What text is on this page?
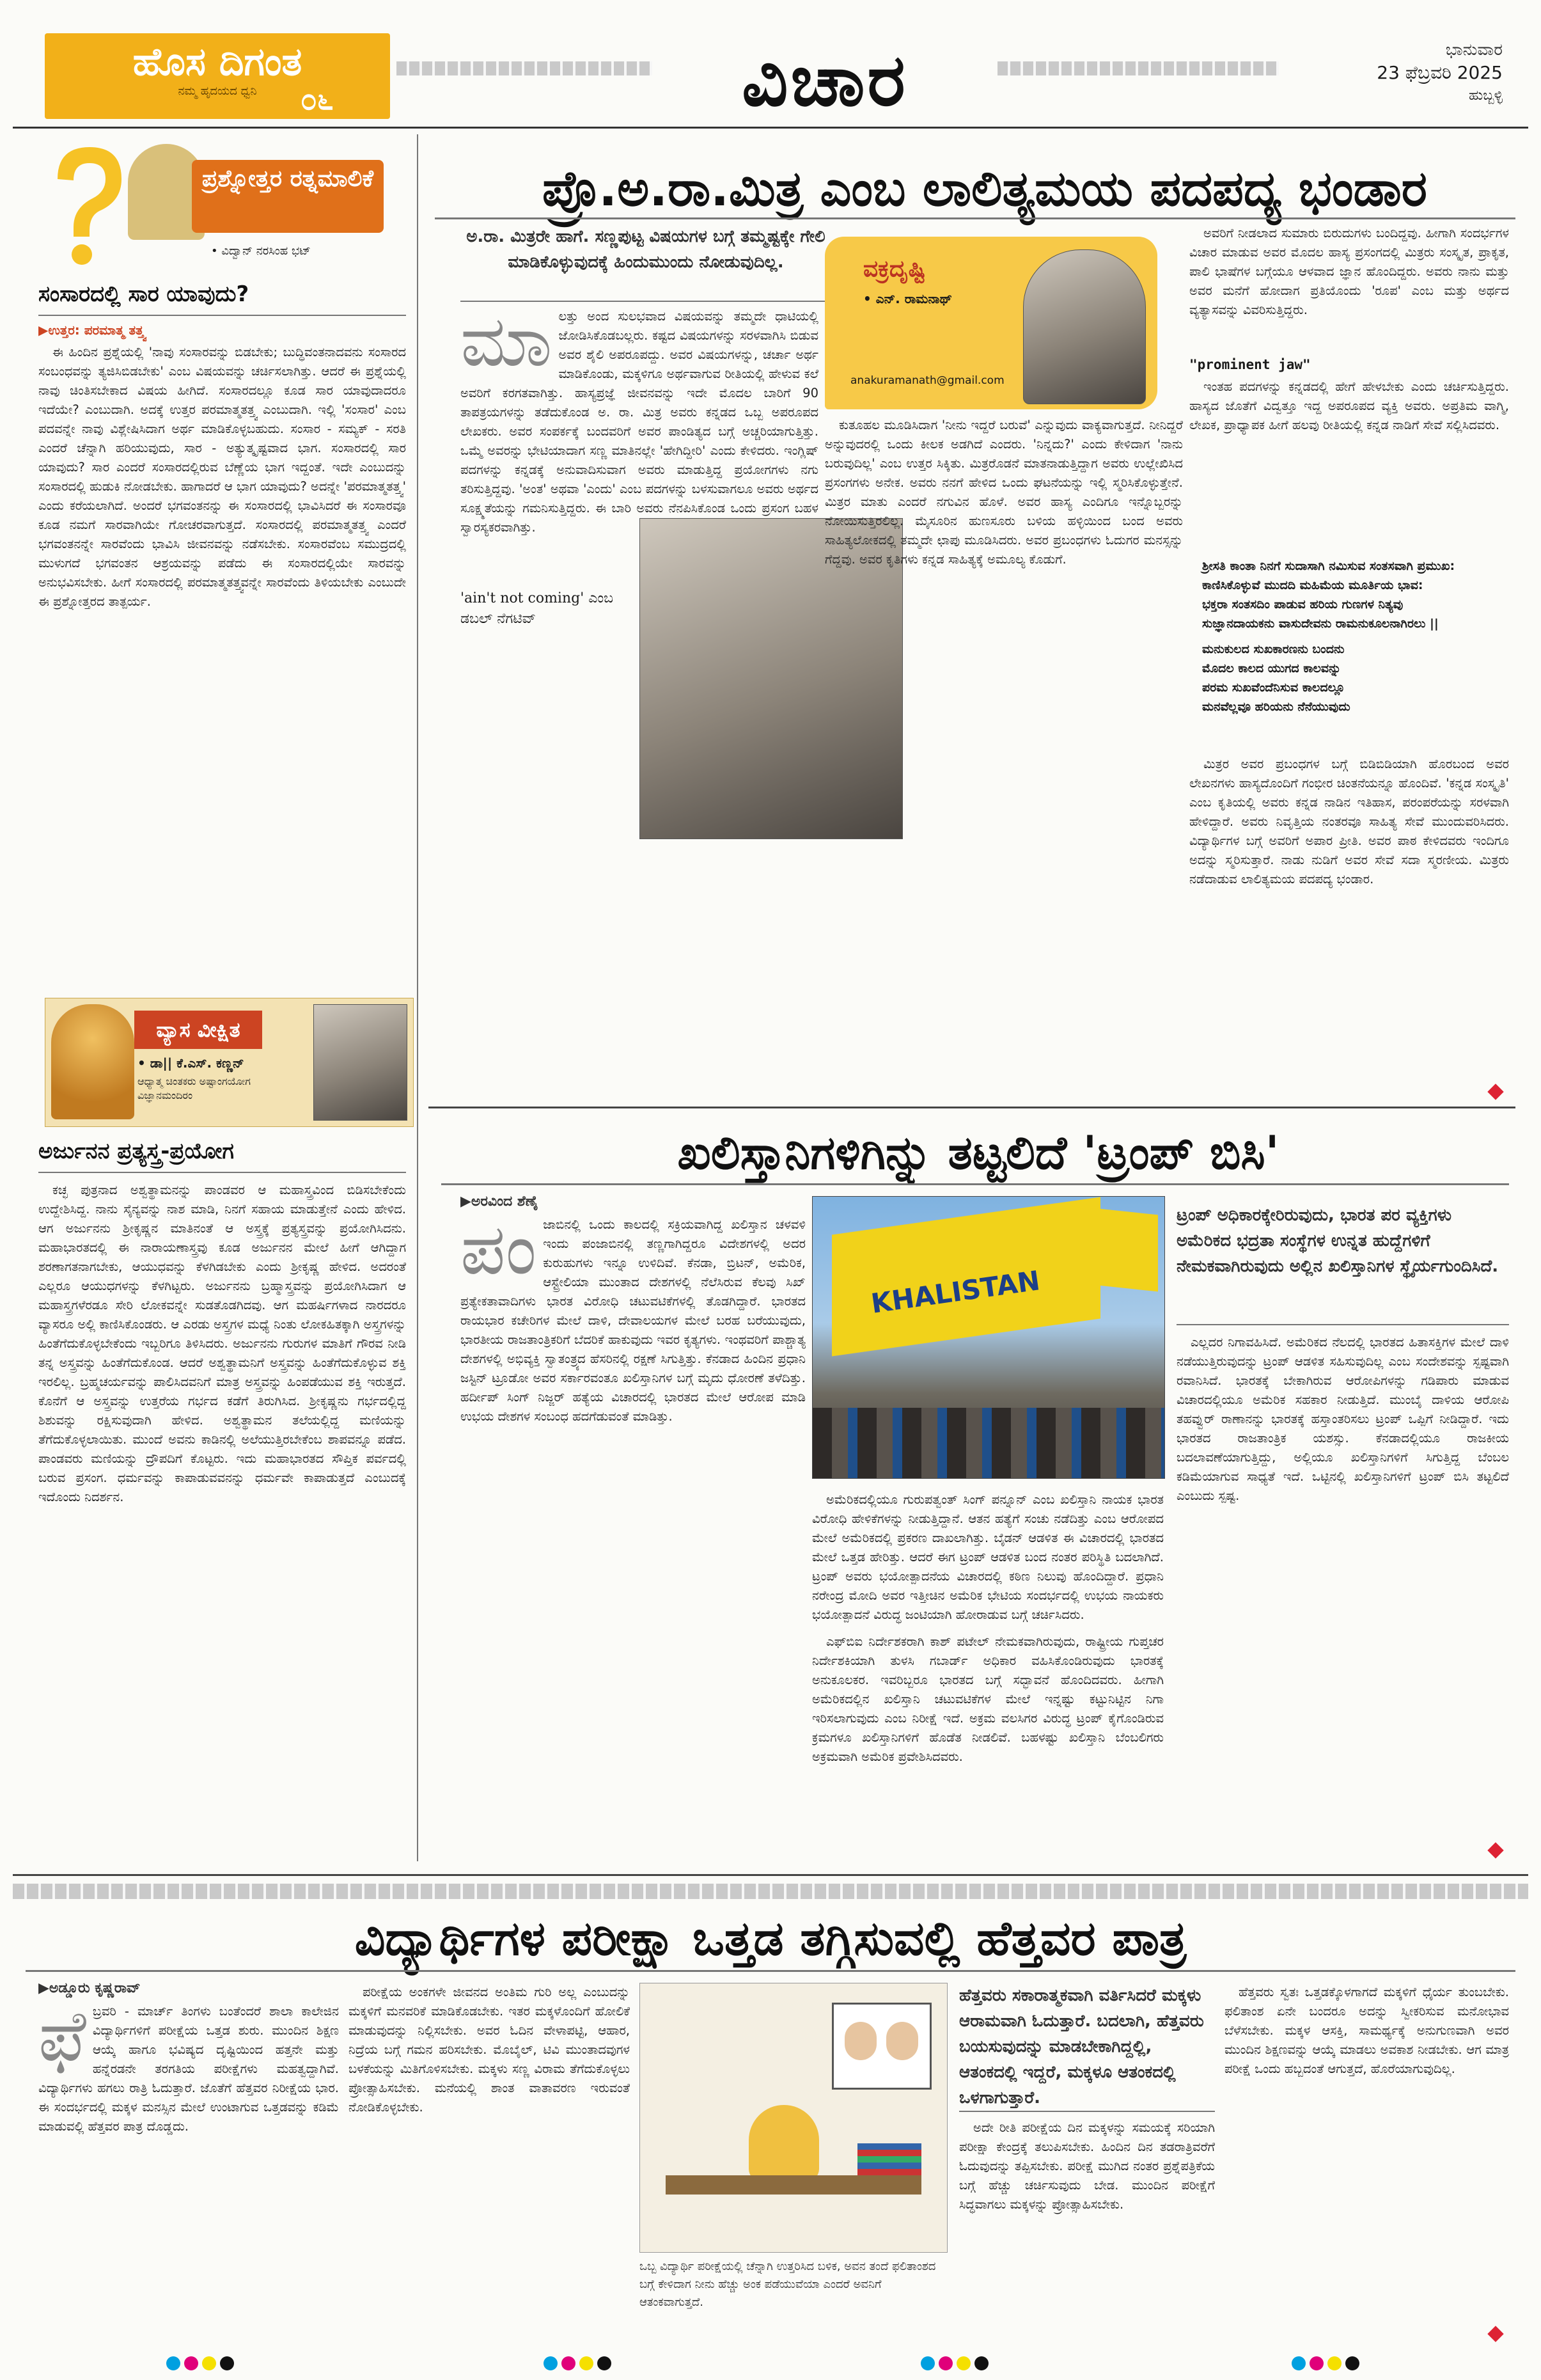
ಹೊಸ ದಿಗಂತ
ನಮ್ಮ ಹೃದಯದ ಧ್ವನಿ	೦೬	ವಿಚಾರ	ಭಾನುವಾರ
23 ಫೆಬ್ರವರಿ 2025
ಹುಬ್ಬಳ್ಳಿ
ಪ್ರಶ್ನೋತ್ತರ ರತ್ನಮಾಲಿಕೆ
• ವಿದ್ವಾನ್ ನರಸಿಂಹ ಭಟ್
ಸಂಸಾರದಲ್ಲಿ ಸಾರ ಯಾವುದು?
▶ಉತ್ತರ: ಪರಮಾತ್ಮ ತತ್ತ್ವ

ಈ ಹಿಂದಿನ ಪ್ರಶ್ನೆಯಲ್ಲಿ 'ನಾವು ಸಂಸಾರವನ್ನು ಬಿಡಬೇಕು; ಬುದ್ಧಿವಂತನಾದವನು ಸಂಸಾರದ ಸಂಬಂಧವನ್ನು ತ್ಯಜಿಸಿಬಿಡಬೇಕು' ಎಂಬ ವಿಷಯವನ್ನು ಚರ್ಚಿಸಲಾಗಿತ್ತು. ಆದರೆ ಈ ಪ್ರಶ್ನೆಯಲ್ಲಿ ನಾವು ಚಿಂತಿಸಬೇಕಾದ ವಿಷಯ ಹೀಗಿದೆ. ಸಂಸಾರದಲ್ಲೂ ಕೂಡ ಸಾರ ಯಾವುದಾದರೂ ಇದೆಯೇ? ಎಂಬುದಾಗಿ. ಅದಕ್ಕೆ ಉತ್ತರ ಪರಮಾತ್ಮತತ್ತ್ವ ಎಂಬುದಾಗಿ. ಇಲ್ಲಿ 'ಸಂಸಾರ' ಎಂಬ ಪದವನ್ನೇ ನಾವು ವಿಶ್ಲೇಷಿಸಿದಾಗ ಅರ್ಥ ಮಾಡಿಕೊಳ್ಳಬಹುದು. ಸಂಸಾರ - ಸಮ್ಯಕ್ - ಸರತಿ ಎಂದರೆ ಚೆನ್ನಾಗಿ ಹರಿಯುವುದು, ಸಾರ - ಅತ್ಯುತ್ಕೃಷ್ಟವಾದ ಭಾಗ. ಸಂಸಾರದಲ್ಲಿ ಸಾರ ಯಾವುದು? ಸಾರ ಎಂದರೆ ಸಂಸಾರದಲ್ಲಿರುವ ಬೆಣ್ಣೆಯ ಭಾಗ ಇದ್ದಂತೆ. ಇದೇ ಎಂಬುದನ್ನು ಸಂಸಾರದಲ್ಲಿ ಹುಡುಕಿ ನೋಡಬೇಕು. ಹಾಗಾದರೆ ಆ ಭಾಗ ಯಾವುದು? ಅದನ್ನೇ 'ಪರಮಾತ್ಮತತ್ತ್ವ' ಎಂದು ಕರೆಯಲಾಗಿದೆ. ಅಂದರೆ ಭಗವಂತನನ್ನು ಈ ಸಂಸಾರದಲ್ಲಿ ಭಾವಿಸಿದರೆ ಈ ಸಂಸಾರವೂ ಕೂಡ ನಮಗೆ ಸಾರವಾಗಿಯೇ ಗೋಚರವಾಗುತ್ತದೆ. ಸಂಸಾರದಲ್ಲಿ ಪರಮಾತ್ಮತತ್ತ್ವ ಎಂದರೆ ಭಗವಂತನನ್ನೇ ಸಾರವೆಂದು ಭಾವಿಸಿ ಜೀವನವನ್ನು ನಡೆಸಬೇಕು. ಸಂಸಾರವೆಂಬ ಸಮುದ್ರದಲ್ಲಿ ಮುಳುಗದೆ ಭಗವಂತನ ಆಶ್ರಯವನ್ನು ಪಡೆದು ಈ ಸಂಸಾರದಲ್ಲಿಯೇ ಸಾರವನ್ನು ಅನುಭವಿಸಬೇಕು. ಹೀಗೆ ಸಂಸಾರದಲ್ಲಿ ಪರಮಾತ್ಮತತ್ತ್ವವನ್ನೇ ಸಾರವೆಂದು ತಿಳಿಯಬೇಕು ಎಂಬುದೇ ಈ ಪ್ರಶ್ನೋತ್ತರದ ತಾತ್ಪರ್ಯ.

ವ್ಯಾಸ ವೀಕ್ಷಿತ
• ಡಾ|| ಕೆ.ಎಸ್. ಕಣ್ಣನ್
ಆಧ್ಯಾತ್ಮ ಚಿಂತಕರು ಅಷ್ಟಾಂಗಯೋಗ ವಿಜ್ಞಾನಮಂದಿರಂ
ಅರ್ಜುನನ ಪ್ರತ್ಯಸ್ತ್ರ-ಪ್ರಯೋಗ

ಕಚ್ಛ ಪುತ್ರನಾದ ಅಶ್ವತ್ಥಾಮನನ್ನು ಪಾಂಡವರ ಆ ಮಹಾಸ್ತ್ರವಿಂದ ಬಿಡಿಸಬೇಕೆಂದು ಉದ್ದೇಶಿಸಿದ್ದ. ನಾನು ಸೈನ್ಯವನ್ನು ನಾಶ ಮಾಡಿ, ನಿನಗೆ ಸಹಾಯ ಮಾಡುತ್ತೇನೆ ಎಂದು ಹೇಳಿದ. ಆಗ ಅರ್ಜುನನು ಶ್ರೀಕೃಷ್ಣನ ಮಾತಿನಂತೆ ಆ ಅಸ್ತ್ರಕ್ಕೆ ಪ್ರತ್ಯಸ್ತ್ರವನ್ನು ಪ್ರಯೋಗಿಸಿದನು. ಮಹಾಭಾರತದಲ್ಲಿ ಈ ನಾರಾಯಣಾಸ್ತ್ರವು ಕೂಡ ಅರ್ಜುನನ ಮೇಲೆ ಹೀಗೆ ಆಗಿದ್ದಾಗ ಶರಣಾಗತನಾಗಬೇಕು, ಆಯುಧವನ್ನು ಕೆಳಗಿಡಬೇಕು ಎಂದು ಶ್ರೀಕೃಷ್ಣ ಹೇಳಿದ. ಅದರಂತೆ ಎಲ್ಲರೂ ಆಯುಧಗಳನ್ನು ಕೆಳಗಿಟ್ಟರು. ಅರ್ಜುನನು ಬ್ರಹ್ಮಾಸ್ತ್ರವನ್ನು ಪ್ರಯೋಗಿಸಿದಾಗ ಆ ಮಹಾಸ್ತ್ರಗಳೆರಡೂ ಸೇರಿ ಲೋಕವನ್ನೇ ಸುಡತೊಡಗಿದವು. ಆಗ ಮಹರ್ಷಿಗಳಾದ ನಾರದರೂ ವ್ಯಾಸರೂ ಅಲ್ಲಿ ಕಾಣಿಸಿಕೊಂಡರು. ಆ ಎರಡು ಅಸ್ತ್ರಗಳ ಮಧ್ಯೆ ನಿಂತು ಲೋಕಹಿತಕ್ಕಾಗಿ ಅಸ್ತ್ರಗಳನ್ನು ಹಿಂತೆಗೆದುಕೊಳ್ಳಬೇಕೆಂದು ಇಬ್ಬರಿಗೂ ತಿಳಿಸಿದರು. ಅರ್ಜುನನು ಗುರುಗಳ ಮಾತಿಗೆ ಗೌರವ ನೀಡಿ ತನ್ನ ಅಸ್ತ್ರವನ್ನು ಹಿಂತೆಗೆದುಕೊಂಡ. ಆದರೆ ಅಶ್ವತ್ಥಾಮನಿಗೆ ಅಸ್ತ್ರವನ್ನು ಹಿಂತೆಗೆದುಕೊಳ್ಳುವ ಶಕ್ತಿ ಇರಲಿಲ್ಲ. ಬ್ರಹ್ಮಚರ್ಯವನ್ನು ಪಾಲಿಸಿದವನಿಗೆ ಮಾತ್ರ ಅಸ್ತ್ರವನ್ನು ಹಿಂಪಡೆಯುವ ಶಕ್ತಿ ಇರುತ್ತದೆ. ಕೊನೆಗೆ ಆ ಅಸ್ತ್ರವನ್ನು ಉತ್ತರೆಯ ಗರ್ಭದ ಕಡೆಗೆ ತಿರುಗಿಸಿದ. ಶ್ರೀಕೃಷ್ಣನು ಗರ್ಭದಲ್ಲಿದ್ದ ಶಿಶುವನ್ನು ರಕ್ಷಿಸುವುದಾಗಿ ಹೇಳಿದ. ಅಶ್ವತ್ಥಾಮನ ತಲೆಯಲ್ಲಿದ್ದ ಮಣಿಯನ್ನು ತೆಗೆದುಕೊಳ್ಳಲಾಯಿತು. ಮುಂದೆ ಅವನು ಕಾಡಿನಲ್ಲಿ ಅಲೆಯುತ್ತಿರಬೇಕೆಂಬ ಶಾಪವನ್ನೂ ಪಡೆದ. ಪಾಂಡವರು ಮಣಿಯನ್ನು ದ್ರೌಪದಿಗೆ ಕೊಟ್ಟರು. ಇದು ಮಹಾಭಾರತದ ಸೌಪ್ತಿಕ ಪರ್ವದಲ್ಲಿ ಬರುವ ಪ್ರಸಂಗ. ಧರ್ಮವನ್ನು ಕಾಪಾಡುವವನನ್ನು ಧರ್ಮವೇ ಕಾಪಾಡುತ್ತದೆ ಎಂಬುದಕ್ಕೆ ಇದೊಂದು ನಿದರ್ಶನ.

ಪ್ರೊ.ಅ.ರಾ.ಮಿತ್ರ ಎಂಬ ಲಾಲಿತ್ಯಮಯ ಪದಪದ್ಯ ಭಂಡಾರ
ಅ.ರಾ. ಮಿತ್ರರೇ ಹಾಗೆ. ಸಣ್ಣಪುಟ್ಟ ವಿಷಯಗಳ ಬಗ್ಗೆ ತಮ್ಮಷ್ಟಕ್ಕೇ ಗೇಲಿ ಮಾಡಿಕೊಳ್ಳುವುದಕ್ಕೆ ಹಿಂದುಮುಂದು ನೋಡುವುದಿಲ್ಲ.	ವಕ್ರದೃಷ್ಟಿ
• ಎನ್. ರಾಮನಾಥ್
anakuramanath@gmail.com
ಮಾ ಲತ್ತು ಅಂದ ಸುಲಭವಾದ ವಿಷಯವನ್ನು ತಮ್ಮದೇ ಧಾಟಿಯಲ್ಲಿ ಜೋಡಿಸಿಕೊಡಬಲ್ಲರು. ಕಷ್ಟದ ವಿಷಯಗಳನ್ನು ಸರಳವಾಗಿಸಿ ಬಿಡುವ ಅವರ ಶೈಲಿ ಅಪರೂಪದ್ದು. ಅವರ ವಿಷಯಗಳನ್ನು, ಚರ್ಚಾ ಅರ್ಥ ಮಾಡಿಕೊಂಡು, ಮಕ್ಕಳಿಗೂ ಅರ್ಥವಾಗುವ ರೀತಿಯಲ್ಲಿ ಹೇಳುವ ಕಲೆ ಅವರಿಗೆ ಕರಗತವಾಗಿತ್ತು. ಹಾಸ್ಯಪ್ರಜ್ಞೆ ಜೀವನವನ್ನು ಇದೇ ಮೊದಲ ಬಾರಿಗೆ 90 ತಾಪತ್ರಯಗಳನ್ನು ತಡೆದುಕೊಂಡ ಅ. ರಾ. ಮಿತ್ರ ಅವರು ಕನ್ನಡದ ಒಬ್ಬ ಅಪರೂಪದ ಲೇಖಕರು. ಅವರ ಸಂಪರ್ಕಕ್ಕೆ ಬಂದವರಿಗೆ ಅವರ ಪಾಂಡಿತ್ಯದ ಬಗ್ಗೆ ಅಚ್ಚರಿಯಾಗುತ್ತಿತ್ತು. ಒಮ್ಮೆ ಅವರನ್ನು ಭೇಟಿಯಾದಾಗ ಸಣ್ಣ ಮಾತಿನಲ್ಲೇ 'ಹೇಗಿದ್ದೀರಿ' ಎಂದು ಕೇಳಿದರು. ಇಂಗ್ಲಿಷ್ ಪದಗಳನ್ನು ಕನ್ನಡಕ್ಕೆ ಅನುವಾದಿಸುವಾಗ ಅವರು ಮಾಡುತ್ತಿದ್ದ ಪ್ರಯೋಗಗಳು ನಗು ತರಿಸುತ್ತಿದ್ದವು. 'ಅಂತ' ಅಥವಾ 'ಎಂದು' ಎಂಬ ಪದಗಳನ್ನು ಬಳಸುವಾಗಲೂ ಅವರು ಅರ್ಥದ ಸೂಕ್ಷ್ಮತೆಯನ್ನು ಗಮನಿಸುತ್ತಿದ್ದರು. ಈ ಬಾರಿ ಅವರು ನೆನಪಿಸಿಕೊಂಡ ಒಂದು ಪ್ರಸಂಗ ಬಹಳ ಸ್ವಾರಸ್ಯಕರವಾಗಿತ್ತು.
'ain't not coming' ಎಂಬ ಡಬಲ್ ನೆಗಟಿವ್

ಕುತೂಹಲ ಮೂಡಿಸಿದಾಗ 'ನೀನು ಇದ್ದರೆ ಬರುವೆ' ಎನ್ನುವುದು ವಾಕ್ಯವಾಗುತ್ತದೆ. ನೀನಿದ್ದರೆ ಅನ್ನುವುದರಲ್ಲಿ ಒಂದು ಕೀಲಕ ಅಡಗಿದೆ ಎಂದರು. 'ನಿನ್ನದು?' ಎಂದು ಕೇಳಿದಾಗ 'ನಾನು ಬರುವುದಿಲ್ಲ' ಎಂಬ ಉತ್ತರ ಸಿಕ್ಕಿತು. ಮಿತ್ರರೊಡನೆ ಮಾತನಾಡುತ್ತಿದ್ದಾಗ ಅವರು ಉಲ್ಲೇಖಿಸಿದ ಪ್ರಸಂಗಗಳು ಅನೇಕ. ಅವರು ನನಗೆ ಹೇಳಿದ ಒಂದು ಘಟನೆಯನ್ನು ಇಲ್ಲಿ ಸ್ಮರಿಸಿಕೊಳ್ಳುತ್ತೇನೆ. ಮಿತ್ರರ ಮಾತು ಎಂದರೆ ನಗುವಿನ ಹೊಳೆ. ಅವರ ಹಾಸ್ಯ ಎಂದಿಗೂ ಇನ್ನೊಬ್ಬರನ್ನು ನೋಯಿಸುತ್ತಿರಲಿಲ್ಲ. ಮೈಸೂರಿನ ಹುಣಸೂರು ಬಳಿಯ ಹಳ್ಳಿಯಿಂದ ಬಂದ ಅವರು ಸಾಹಿತ್ಯಲೋಕದಲ್ಲಿ ತಮ್ಮದೇ ಛಾಪು ಮೂಡಿಸಿದರು. ಅವರ ಪ್ರಬಂಧಗಳು ಓದುಗರ ಮನಸ್ಸನ್ನು ಗೆದ್ದವು. ಅವರ ಕೃತಿಗಳು ಕನ್ನಡ ಸಾಹಿತ್ಯಕ್ಕೆ ಅಮೂಲ್ಯ ಕೊಡುಗೆ.

ಅವರಿಗೆ ನೀಡಲಾದ ಸುಮಾರು ಬಿರುದುಗಳು ಬಂದಿದ್ದವು. ಹೀಗಾಗಿ ಸಂದರ್ಭಗಳ ವಿಚಾರ ಮಾಡುವ ಅವರ ಮೊದಲ ಹಾಸ್ಯ ಪ್ರಸಂಗದಲ್ಲಿ ಮಿತ್ರರು ಸಂಸ್ಕೃತ, ಪ್ರಾಕೃತ, ಪಾಲಿ ಭಾಷೆಗಳ ಬಗ್ಗೆಯೂ ಆಳವಾದ ಜ್ಞಾನ ಹೊಂದಿದ್ದರು. ಅವರು ನಾನು ಮತ್ತು ಅವರ ಮನೆಗೆ ಹೋದಾಗ ಪ್ರತಿಯೊಂದು 'ರೂಪ' ಎಂಬ ಮತ್ತು ಅರ್ಥದ ವ್ಯತ್ಯಾಸವನ್ನು ವಿವರಿಸುತ್ತಿದ್ದರು.

"prominent jaw"

ಇಂತಹ ಪದಗಳನ್ನು ಕನ್ನಡದಲ್ಲಿ ಹೇಗೆ ಹೇಳಬೇಕು ಎಂದು ಚರ್ಚಿಸುತ್ತಿದ್ದರು. ಹಾಸ್ಯದ ಜೊತೆಗೆ ವಿದ್ವತ್ತೂ ಇದ್ದ ಅಪರೂಪದ ವ್ಯಕ್ತಿ ಅವರು. ಅಪ್ರತಿಮ ವಾಗ್ಮಿ, ಲೇಖಕ, ಪ್ರಾಧ್ಯಾಪಕ ಹೀಗೆ ಹಲವು ರೀತಿಯಲ್ಲಿ ಕನ್ನಡ ನಾಡಿಗೆ ಸೇವೆ ಸಲ್ಲಿಸಿದವರು.

ಶ್ರೀಸತಿ ಕಾಂತಾ ನಿನಗೆ ಸುದಾಸಾಗಿ ನಮಿಸುವ ಸಂತಸವಾಗಿ ಪ್ರಮುಖ:
ಕಾಣಿಸಿಕೊಳ್ಳುವೆ ಮುದದಿ ಮಹಿಮೆಯ ಮೂರ್ತಿಯ ಭಾವ:
ಭಕ್ತರಾ ಸಂತಸದಿಂ ಪಾಡುವ ಹರಿಯ ಗುಣಗಳ ನಿತ್ಯವು
ಸುಜ್ಞಾನದಾಯಕನು ವಾಸುದೇವನು ರಾಮನುಕೂಲನಾಗಿರಲು ||
ಮನುಕುಲದ ಸುಖಕಾರಣನು ಬಂದನು
ಮೊದಲ ಕಾಲದ ಯುಗದ ಕಾಲವನ್ನು
ಪರಮ ಸುಖವೆಂದೆನಿಸುವ ಕಾಲದಲ್ಲೂ
ಮನವೆಲ್ಲವೂ ಹರಿಯನು ನೆನೆಯುವುದು

ಮಿತ್ರರ ಅವರ ಪ್ರಬಂಧಗಳ ಬಗ್ಗೆ ಬಿಡಿಬಿಡಿಯಾಗಿ ಹೊರಬಂದ ಅವರ ಲೇಖನಗಳು ಹಾಸ್ಯದೊಂದಿಗೆ ಗಂಭೀರ ಚಿಂತನೆಯನ್ನೂ ಹೊಂದಿವೆ. 'ಕನ್ನಡ ಸಂಸ್ಕೃತಿ' ಎಂಬ ಕೃತಿಯಲ್ಲಿ ಅವರು ಕನ್ನಡ ನಾಡಿನ ಇತಿಹಾಸ, ಪರಂಪರೆಯನ್ನು ಸರಳವಾಗಿ ಹೇಳಿದ್ದಾರೆ. ಅವರು ನಿವೃತ್ತಿಯ ನಂತರವೂ ಸಾಹಿತ್ಯ ಸೇವೆ ಮುಂದುವರಿಸಿದರು. ವಿದ್ಯಾರ್ಥಿಗಳ ಬಗ್ಗೆ ಅವರಿಗೆ ಅಪಾರ ಪ್ರೀತಿ. ಅವರ ಪಾಠ ಕೇಳಿದವರು ಇಂದಿಗೂ ಅದನ್ನು ಸ್ಮರಿಸುತ್ತಾರೆ. ನಾಡು ನುಡಿಗೆ ಅವರ ಸೇವೆ ಸದಾ ಸ್ಮರಣೀಯ. ಮಿತ್ರರು ನಡೆದಾಡುವ ಲಾಲಿತ್ಯಮಯ ಪದಪದ್ಯ ಭಂಡಾರ.

ಖಲಿಸ್ತಾನಿಗಳಿಗಿನ್ನು ತಟ್ಟಲಿದೆ 'ಟ್ರಂಪ್ ಬಿಸಿ'
▶ಅರವಿಂದ ಶೆಣೈ
ಪಂ ಜಾಬಿನಲ್ಲಿ ಒಂದು ಕಾಲದಲ್ಲಿ ಸಕ್ರಿಯವಾಗಿದ್ದ ಖಲಿಸ್ತಾನ ಚಳವಳಿ ಇಂದು ಪಂಜಾಬಿನಲ್ಲಿ ತಣ್ಣಗಾಗಿದ್ದರೂ ವಿದೇಶಗಳಲ್ಲಿ ಅದರ ಕುರುಹುಗಳು ಇನ್ನೂ ಉಳಿದಿವೆ. ಕೆನಡಾ, ಬ್ರಿಟನ್, ಅಮೆರಿಕ, ಆಸ್ಟ್ರೇಲಿಯಾ ಮುಂತಾದ ದೇಶಗಳಲ್ಲಿ ನೆಲೆಸಿರುವ ಕೆಲವು ಸಿಖ್ ಪ್ರತ್ಯೇಕತಾವಾದಿಗಳು ಭಾರತ ವಿರೋಧಿ ಚಟುವಟಿಕೆಗಳಲ್ಲಿ ತೊಡಗಿದ್ದಾರೆ. ಭಾರತದ ರಾಯಭಾರ ಕಚೇರಿಗಳ ಮೇಲೆ ದಾಳಿ, ದೇವಾಲಯಗಳ ಮೇಲೆ ಬರಹ ಬರೆಯುವುದು, ಭಾರತೀಯ ರಾಜತಾಂತ್ರಿಕರಿಗೆ ಬೆದರಿಕೆ ಹಾಕುವುದು ಇವರ ಕೃತ್ಯಗಳು. ಇಂಥವರಿಗೆ ಪಾಶ್ಚಾತ್ಯ ದೇಶಗಳಲ್ಲಿ ಅಭಿವ್ಯಕ್ತಿ ಸ್ವಾತಂತ್ರ್ಯದ ಹೆಸರಿನಲ್ಲಿ ರಕ್ಷಣೆ ಸಿಗುತ್ತಿತ್ತು. ಕೆನಡಾದ ಹಿಂದಿನ ಪ್ರಧಾನಿ ಜಸ್ಟಿನ್ ಟ್ರೂಡೋ ಅವರ ಸರ್ಕಾರವಂತೂ ಖಲಿಸ್ತಾನಿಗಳ ಬಗ್ಗೆ ಮೃದು ಧೋರಣೆ ತಳೆದಿತ್ತು. ಹರ್ದೀಪ್ ಸಿಂಗ್ ನಿಜ್ಜರ್ ಹತ್ಯೆಯ ವಿಚಾರದಲ್ಲಿ ಭಾರತದ ಮೇಲೆ ಆರೋಪ ಮಾಡಿ ಉಭಯ ದೇಶಗಳ ಸಂಬಂಧ ಹದಗೆಡುವಂತೆ ಮಾಡಿತ್ತು.
KHALISTAN

ಅಮೆರಿಕದಲ್ಲಿಯೂ ಗುರುಪತ್ವಂತ್ ಸಿಂಗ್ ಪನ್ನೂನ್ ಎಂಬ ಖಲಿಸ್ತಾನಿ ನಾಯಕ ಭಾರತ ವಿರೋಧಿ ಹೇಳಿಕೆಗಳನ್ನು ನೀಡುತ್ತಿದ್ದಾನೆ. ಆತನ ಹತ್ಯೆಗೆ ಸಂಚು ನಡೆದಿತ್ತು ಎಂಬ ಆರೋಪದ ಮೇಲೆ ಅಮೆರಿಕದಲ್ಲಿ ಪ್ರಕರಣ ದಾಖಲಾಗಿತ್ತು. ಬೈಡನ್ ಆಡಳಿತ ಈ ವಿಚಾರದಲ್ಲಿ ಭಾರತದ ಮೇಲೆ ಒತ್ತಡ ಹೇರಿತ್ತು. ಆದರೆ ಈಗ ಟ್ರಂಪ್ ಆಡಳಿತ ಬಂದ ನಂತರ ಪರಿಸ್ಥಿತಿ ಬದಲಾಗಿದೆ. ಟ್ರಂಪ್ ಅವರು ಭಯೋತ್ಪಾದನೆಯ ವಿಚಾರದಲ್ಲಿ ಕಠಿಣ ನಿಲುವು ಹೊಂದಿದ್ದಾರೆ. ಪ್ರಧಾನಿ ನರೇಂದ್ರ ಮೋದಿ ಅವರ ಇತ್ತೀಚಿನ ಅಮೆರಿಕ ಭೇಟಿಯ ಸಂದರ್ಭದಲ್ಲಿ ಉಭಯ ನಾಯಕರು ಭಯೋತ್ಪಾದನೆ ವಿರುದ್ಧ ಜಂಟಿಯಾಗಿ ಹೋರಾಡುವ ಬಗ್ಗೆ ಚರ್ಚಿಸಿದರು.

ಎಫ್‌ಬಿಐ ನಿರ್ದೇಶಕರಾಗಿ ಕಾಶ್ ಪಟೇಲ್ ನೇಮಕವಾಗಿರುವುದು, ರಾಷ್ಟ್ರೀಯ ಗುಪ್ತಚರ ನಿರ್ದೇಶಕಿಯಾಗಿ ತುಳಸಿ ಗಬಾರ್ಡ್ ಅಧಿಕಾರ ವಹಿಸಿಕೊಂಡಿರುವುದು ಭಾರತಕ್ಕೆ ಅನುಕೂಲಕರ. ಇವರಿಬ್ಬರೂ ಭಾರತದ ಬಗ್ಗೆ ಸದ್ಭಾವನೆ ಹೊಂದಿದವರು. ಹೀಗಾಗಿ ಅಮೆರಿಕದಲ್ಲಿನ ಖಲಿಸ್ತಾನಿ ಚಟುವಟಿಕೆಗಳ ಮೇಲೆ ಇನ್ನಷ್ಟು ಕಟ್ಟುನಿಟ್ಟಿನ ನಿಗಾ ಇರಿಸಲಾಗುವುದು ಎಂಬ ನಿರೀಕ್ಷೆ ಇದೆ. ಅಕ್ರಮ ವಲಸಿಗರ ವಿರುದ್ಧ ಟ್ರಂಪ್ ಕೈಗೊಂಡಿರುವ ಕ್ರಮಗಳೂ ಖಲಿಸ್ತಾನಿಗಳಿಗೆ ಹೊಡೆತ ನೀಡಲಿವೆ. ಬಹಳಷ್ಟು ಖಲಿಸ್ತಾನಿ ಬೆಂಬಲಿಗರು ಅಕ್ರಮವಾಗಿ ಅಮೆರಿಕ ಪ್ರವೇಶಿಸಿದವರು.

ಟ್ರಂಪ್ ಅಧಿಕಾರಕ್ಕೇರಿರುವುದು, ಭಾರತ ಪರ ವ್ಯಕ್ತಿಗಳು ಅಮೆರಿಕದ ಭದ್ರತಾ ಸಂಸ್ಥೆಗಳ ಉನ್ನತ ಹುದ್ದೆಗಳಿಗೆ ನೇಮಕವಾಗಿರುವುದು ಅಲ್ಲಿನ ಖಲಿಸ್ತಾನಿಗಳ ಸ್ಥೈರ್ಯಗುಂದಿಸಿದೆ.

ಎಲ್ಲದರ ನಿಗಾವಹಿಸಿದೆ. ಅಮೆರಿಕದ ನೆಲದಲ್ಲಿ ಭಾರತದ ಹಿತಾಸಕ್ತಿಗಳ ಮೇಲೆ ದಾಳಿ ನಡೆಯುತ್ತಿರುವುದನ್ನು ಟ್ರಂಪ್ ಆಡಳಿತ ಸಹಿಸುವುದಿಲ್ಲ ಎಂಬ ಸಂದೇಶವನ್ನು ಸ್ಪಷ್ಟವಾಗಿ ರವಾನಿಸಿದೆ. ಭಾರತಕ್ಕೆ ಬೇಕಾಗಿರುವ ಆರೋಪಿಗಳನ್ನು ಗಡಿಪಾರು ಮಾಡುವ ವಿಚಾರದಲ್ಲಿಯೂ ಅಮೆರಿಕ ಸಹಕಾರ ನೀಡುತ್ತಿದೆ. ಮುಂಬೈ ದಾಳಿಯ ಆರೋಪಿ ತಹವ್ವುರ್ ರಾಣಾನನ್ನು ಭಾರತಕ್ಕೆ ಹಸ್ತಾಂತರಿಸಲು ಟ್ರಂಪ್ ಒಪ್ಪಿಗೆ ನೀಡಿದ್ದಾರೆ. ಇದು ಭಾರತದ ರಾಜತಾಂತ್ರಿಕ ಯಶಸ್ಸು. ಕೆನಡಾದಲ್ಲಿಯೂ ರಾಜಕೀಯ ಬದಲಾವಣೆಯಾಗುತ್ತಿದ್ದು, ಅಲ್ಲಿಯೂ ಖಲಿಸ್ತಾನಿಗಳಿಗೆ ಸಿಗುತ್ತಿದ್ದ ಬೆಂಬಲ ಕಡಿಮೆಯಾಗುವ ಸಾಧ್ಯತೆ ಇದೆ. ಒಟ್ಟಿನಲ್ಲಿ ಖಲಿಸ್ತಾನಿಗಳಿಗೆ ಟ್ರಂಪ್ ಬಿಸಿ ತಟ್ಟಲಿದೆ ಎಂಬುದು ಸ್ಪಷ್ಟ.

ವಿದ್ಯಾರ್ಥಿಗಳ ಪರೀಕ್ಷಾ ಒತ್ತಡ ತಗ್ಗಿಸುವಲ್ಲಿ ಹೆತ್ತವರ ಪಾತ್ರ
▶ಅಡ್ಡೂರು ಕೃಷ್ಣರಾವ್
ಫೆ ಬ್ರವರಿ - ಮಾರ್ಚ್ ತಿಂಗಳು ಬಂತೆಂದರೆ ಶಾಲಾ ಕಾಲೇಜಿನ ವಿದ್ಯಾರ್ಥಿಗಳಿಗೆ ಪರೀಕ್ಷೆಯ ಒತ್ತಡ ಶುರು. ಮುಂದಿನ ಶಿಕ್ಷಣ ಆಯ್ಕೆ ಹಾಗೂ ಭವಿಷ್ಯದ ದೃಷ್ಟಿಯಿಂದ ಹತ್ತನೇ ಮತ್ತು ಹನ್ನೆರಡನೇ ತರಗತಿಯ ಪರೀಕ್ಷೆಗಳು ಮಹತ್ವದ್ದಾಗಿವೆ. ವಿದ್ಯಾರ್ಥಿಗಳು ಹಗಲು ರಾತ್ರಿ ಓದುತ್ತಾರೆ. ಜೊತೆಗೆ ಹೆತ್ತವರ ನಿರೀಕ್ಷೆಯ ಭಾರ. ಈ ಸಂದರ್ಭದಲ್ಲಿ ಮಕ್ಕಳ ಮನಸ್ಸಿನ ಮೇಲೆ ಉಂಟಾಗುವ ಒತ್ತಡವನ್ನು ಕಡಿಮೆ ಮಾಡುವಲ್ಲಿ ಹೆತ್ತವರ ಪಾತ್ರ ದೊಡ್ಡದು.

ಪರೀಕ್ಷೆಯ ಅಂಕಗಳೇ ಜೀವನದ ಅಂತಿಮ ಗುರಿ ಅಲ್ಲ ಎಂಬುದನ್ನು ಮಕ್ಕಳಿಗೆ ಮನವರಿಕೆ ಮಾಡಿಕೊಡಬೇಕು. ಇತರ ಮಕ್ಕಳೊಂದಿಗೆ ಹೋಲಿಕೆ ಮಾಡುವುದನ್ನು ನಿಲ್ಲಿಸಬೇಕು. ಅವರ ಓದಿನ ವೇಳಾಪಟ್ಟಿ, ಆಹಾರ, ನಿದ್ರೆಯ ಬಗ್ಗೆ ಗಮನ ಹರಿಸಬೇಕು. ಮೊಬೈಲ್, ಟಿವಿ ಮುಂತಾದವುಗಳ ಬಳಕೆಯನ್ನು ಮಿತಿಗೊಳಿಸಬೇಕು. ಮಕ್ಕಳು ಸಣ್ಣ ವಿರಾಮ ತೆಗೆದುಕೊಳ್ಳಲು ಪ್ರೋತ್ಸಾಹಿಸಬೇಕು. ಮನೆಯಲ್ಲಿ ಶಾಂತ ವಾತಾವರಣ ಇರುವಂತೆ ನೋಡಿಕೊಳ್ಳಬೇಕು.

ಒಬ್ಬ ವಿದ್ಯಾರ್ಥಿ ಪರೀಕ್ಷೆಯಲ್ಲಿ ಚೆನ್ನಾಗಿ ಉತ್ತರಿಸಿದ ಬಳಿಕ, ಅವನ ತಂದೆ ಫಲಿತಾಂಶದ ಬಗ್ಗೆ ಕೇಳಿದಾಗ ನೀನು ಹೆಚ್ಚು ಅಂಕ ಪಡೆಯುವೆಯಾ ಎಂದರೆ ಅವನಿಗೆ ಆತಂಕವಾಗುತ್ತದೆ.
ಹೆತ್ತವರು ಸಕಾರಾತ್ಮಕವಾಗಿ ವರ್ತಿಸಿದರೆ ಮಕ್ಕಳು ಆರಾಮವಾಗಿ ಓದುತ್ತಾರೆ. ಬದಲಾಗಿ, ಹೆತ್ತವರು ಬಯಸುವುದನ್ನು ಮಾಡಬೇಕಾಗಿದ್ದಲ್ಲಿ, ಆತಂಕದಲ್ಲಿ ಇದ್ದರೆ, ಮಕ್ಕಳೂ ಆತಂಕದಲ್ಲಿ ಒಳಗಾಗುತ್ತಾರೆ.

ಅದೇ ರೀತಿ ಪರೀಕ್ಷೆಯ ದಿನ ಮಕ್ಕಳನ್ನು ಸಮಯಕ್ಕೆ ಸರಿಯಾಗಿ ಪರೀಕ್ಷಾ ಕೇಂದ್ರಕ್ಕೆ ತಲುಪಿಸಬೇಕು. ಹಿಂದಿನ ದಿನ ತಡರಾತ್ರಿವರೆಗೆ ಓದುವುದನ್ನು ತಪ್ಪಿಸಬೇಕು. ಪರೀಕ್ಷೆ ಮುಗಿದ ನಂತರ ಪ್ರಶ್ನೆಪತ್ರಿಕೆಯ ಬಗ್ಗೆ ಹೆಚ್ಚು ಚರ್ಚಿಸುವುದು ಬೇಡ. ಮುಂದಿನ ಪರೀಕ್ಷೆಗೆ ಸಿದ್ಧವಾಗಲು ಮಕ್ಕಳನ್ನು ಪ್ರೋತ್ಸಾಹಿಸಬೇಕು.

ಹೆತ್ತವರು ಸ್ವತಃ ಒತ್ತಡಕ್ಕೊಳಗಾಗದೆ ಮಕ್ಕಳಿಗೆ ಧೈರ್ಯ ತುಂಬಬೇಕು. ಫಲಿತಾಂಶ ಏನೇ ಬಂದರೂ ಅದನ್ನು ಸ್ವೀಕರಿಸುವ ಮನೋಭಾವ ಬೆಳೆಸಬೇಕು. ಮಕ್ಕಳ ಆಸಕ್ತಿ, ಸಾಮರ್ಥ್ಯಕ್ಕೆ ಅನುಗುಣವಾಗಿ ಅವರ ಮುಂದಿನ ಶಿಕ್ಷಣವನ್ನು ಆಯ್ಕೆ ಮಾಡಲು ಅವಕಾಶ ನೀಡಬೇಕು. ಆಗ ಮಾತ್ರ ಪರೀಕ್ಷೆ ಒಂದು ಹಬ್ಬದಂತೆ ಆಗುತ್ತದೆ, ಹೊರೆಯಾಗುವುದಿಲ್ಲ.
